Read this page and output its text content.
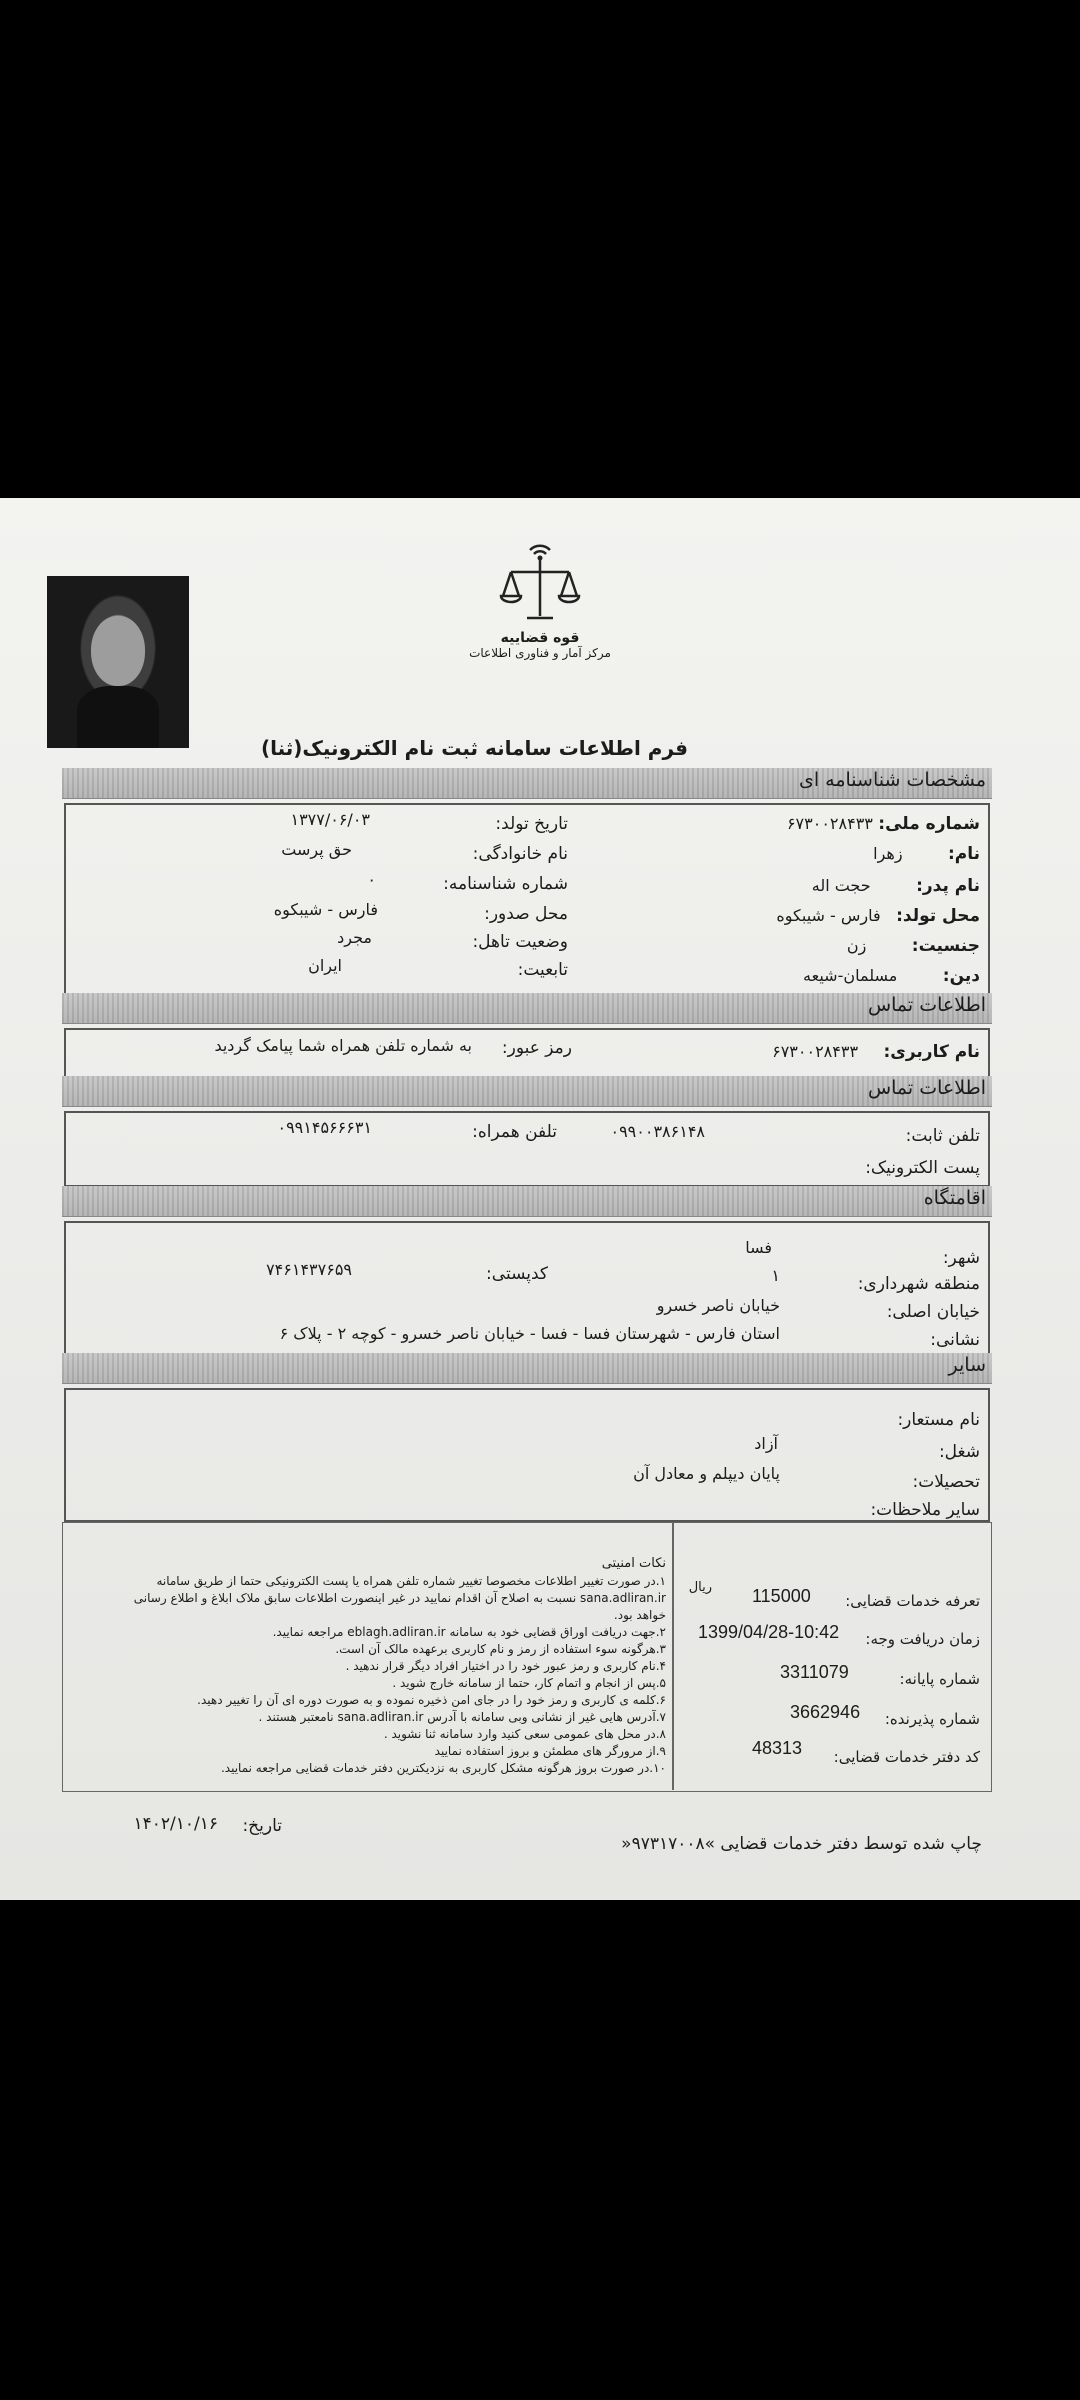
قوه قضاییه
مرکز آمار و فناوری اطلاعات
فرم اطلاعات سامانه ثبت نام الکترونیک(ثنا)
مشخصات شناسنامه ای
شماره ملی: ۶۷۳۰۰۲۸۴۳۳
تاریخ تولد:
۱۳۷۷/۰۶/۰۳
نام: زهرا
نام خانوادگی:
حق پرست
نام پدر: حجت اله
شماره شناسنامه:
۰
محل تولد: فارس - شیبکوه
محل صدور:
فارس - شیبکوه
جنسیت: زن
وضعیت تاهل:
مجرد
دین: مسلمان-شیعه
تابعیت:
ایران
اطلاعات تماس
نام کاربری: ۶۷۳۰۰۲۸۴۳۳
رمز عبور:
به شماره تلفن همراه شما پیامک گردید
اطلاعات تماس
تلفن ثابت:
۰۹۹۰۰۳۸۶۱۴۸
تلفن همراه:
۰۹۹۱۴۵۶۶۶۳۱
پست الکترونیک:
اقامتگاه
شهر:
فسا
منطقه شهرداری:
۱
کدپستی:
۷۴۶۱۴۳۷۶۵۹
خیابان اصلی:
خیابان ناصر خسرو
نشانی:
استان فارس - شهرستان فسا - فسا - خیابان ناصر خسرو - کوچه ۲ - پلاک ۶
سایر
نام مستعار:
شغل:
آزاد
تحصیلات:
پایان دیپلم و معادل آن
سایر ملاحظات:
تعرفه خدمات قضایی:
115000
ریال
زمان دریافت وجه:
1399/04/28-10:42
شماره پایانه:
3311079
شماره پذیرنده:
3662946
کد دفتر خدمات قضایی:
48313
نکات امنیتی
۱.در صورت تغییر اطلاعات مخصوصا تغییر شماره تلفن همراه یا پست الکترونیکی حتما از طریق سامانه
sana.adliran.ir نسبت به اصلاح آن اقدام نمایید در غیر اینصورت اطلاعات سابق ملاک ابلاغ و اطلاع رسانی
خواهد بود.
۲.جهت دریافت اوراق قضایی خود به سامانه eblagh.adliran.ir مراجعه نمایید.
۳.هرگونه سوء استفاده از رمز و نام کاربری برعهده مالک آن است.
۴.نام کاربری و رمز عبور خود را در اختیار افراد دیگر قرار ندهید .
۵.پس از انجام و اتمام کار، حتما از سامانه خارج شوید .
۶.کلمه ی کاربری و رمز خود را در جای امن ذخیره نموده و به صورت دوره ای آن را تغییر دهید.
۷.آدرس هایی غیر از نشانی وبی سامانه با آدرس sana.adliran.ir نامعتبر هستند .
۸.در محل های عمومی سعی کنید وارد سامانه ثنا نشوید .
۹.از مرورگر های مطمئن و بروز استفاده نمایید
۱۰.در صورت بروز هرگونه مشکل کاربری به نزدیکترین دفتر خدمات قضایی مراجعه نمایید.
چاپ شده توسط دفتر خدمات قضایی »۹۷۳۱۷۰۰۸«
تاریخ:
۱۴۰۲/۱۰/۱۶
